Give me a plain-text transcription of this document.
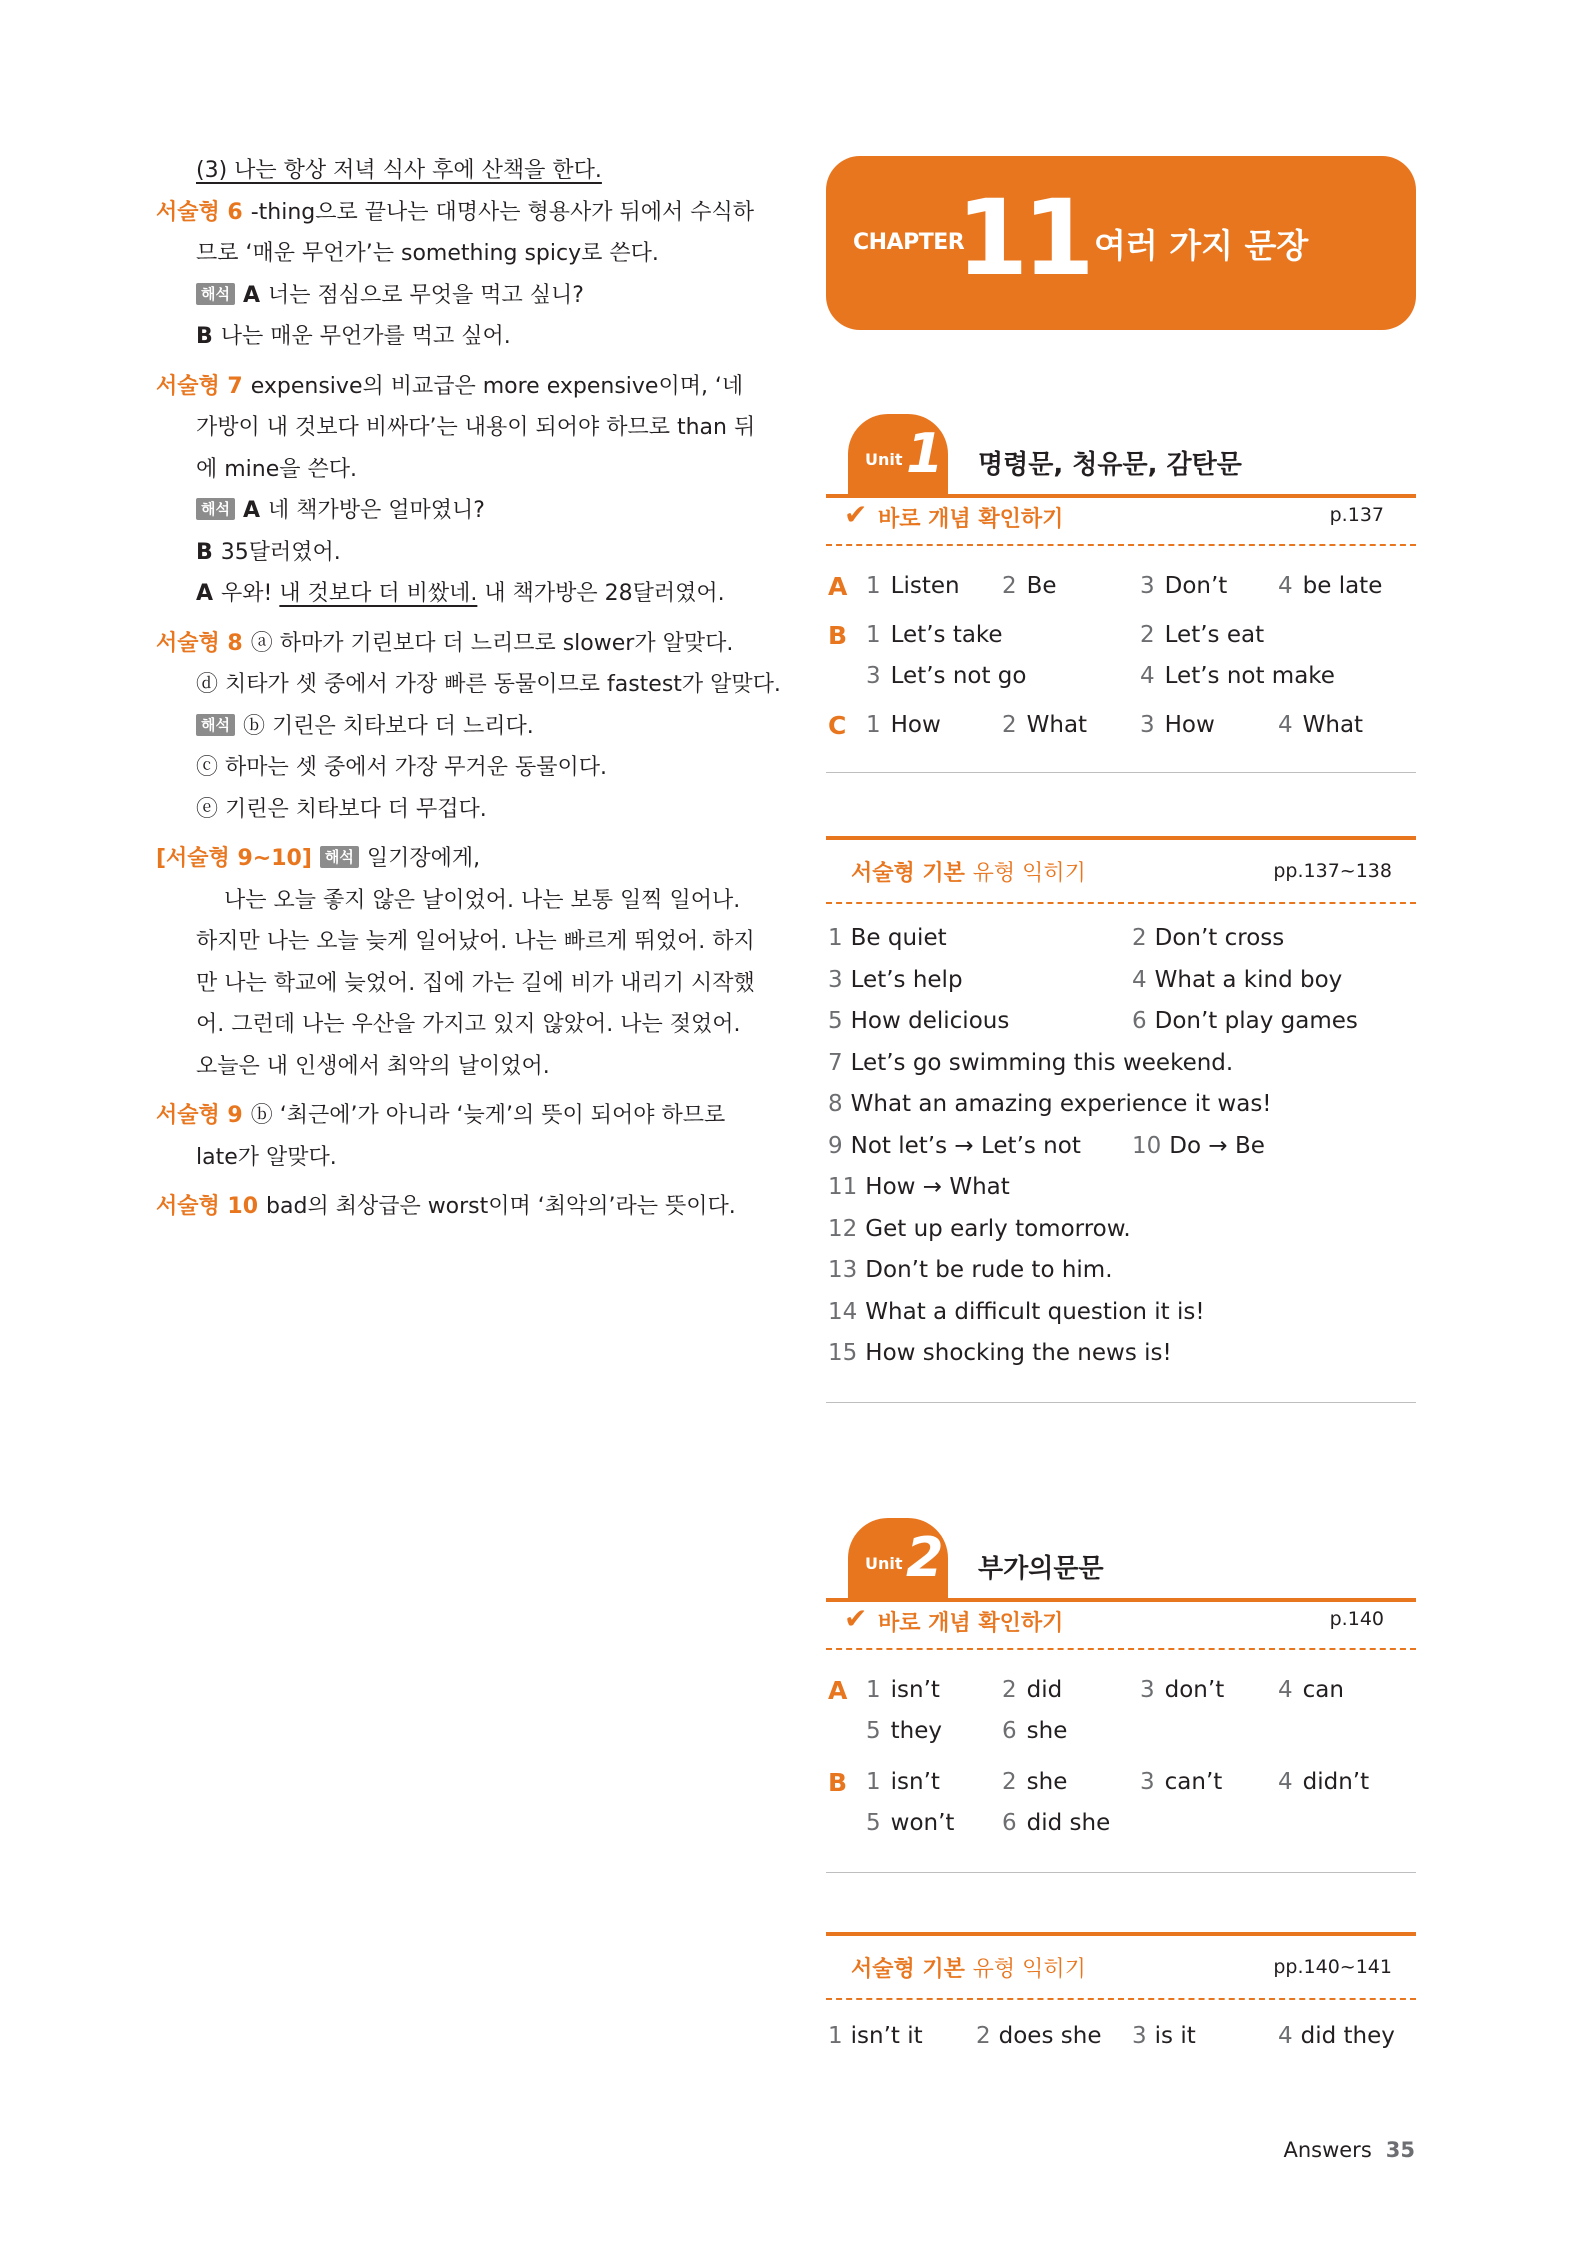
(3) 나는 항상 저녁 식사 후에 산책을 한다.
서술형 6 -thing으로 끝나는 대명사는 형용사가 뒤에서 수식하
므로 ‘매운 무언가’는 something spicy로 쓴다.
해석 A 너는 점심으로 무엇을 먹고 싶니?
B 나는 매운 무언가를 먹고 싶어.
서술형 7 expensive의 비교급은 more expensive이며, ‘네
가방이 내 것보다 비싸다’는 내용이 되어야 하므로 than 뒤
에 mine을 쓴다.
해석 A 네 책가방은 얼마였니?
B 35달러였어.
A 우와! 내 것보다 더 비쌌네. 내 책가방은 28달러였어.
서술형 8 ⓐ 하마가 기린보다 더 느리므로 slower가 알맞다.
ⓓ 치타가 셋 중에서 가장 빠른 동물이므로 fastest가 알맞다.
해석 ⓑ 기린은 치타보다 더 느리다.
ⓒ 하마는 셋 중에서 가장 무거운 동물이다.
ⓔ 기린은 치타보다 더 무겁다.
[서술형 9~10] 해석 일기장에게,
나는 오늘 좋지 않은 날이었어. 나는 보통 일찍 일어나.
하지만 나는 오늘 늦게 일어났어. 나는 빠르게 뛰었어. 하지
만 나는 학교에 늦었어. 집에 가는 길에 비가 내리기 시작했
어. 그런데 나는 우산을 가지고 있지 않았어. 나는 젖었어.
오늘은 내 인생에서 최악의 날이었어.
서술형 9 ⓑ ‘최근에’가 아니라 ‘늦게’의 뜻이 되어야 하므로
late가 알맞다.
서술형 10 bad의 최상급은 worst이며 ‘최악의’라는 뜻이다.
CHAPTER
11 여러 가지 문장
Unit 1 명령문, 청유문, 감탄문
✔ 바로 개념 확인하기	p.137
A 1 Listen 2 Be	3 Don’t 4 be late
B 1 Let’s take	2 Let’s eat
3 Let’s not go	4 Let’s not make
C 1 How	2 What 3 How	4 What
서술형 기본 유형 익히기	pp.137~138
1 Be quiet	2 Don’t cross
3 Let’s help	4 What a kind boy
5 How delicious	6 Don’t play games
7 Let’s go swimming this weekend.
8 What an amazing experience it was!
9 Not let’s → Let’s not 10 Do → Be
11 How → What
12 Get up early tomorrow.
13 Don’t be rude to him.
14 What a difficult question it is!
15 How shocking the news is!
Unit 2 부가의문문
✔ 바로 개념 확인하기	p.140
A 1 isn’t	2 did	3 don’t 4 can
5 they	6 she
B 1 isn’t	2 she	3 can’t 4 didn’t
5 won’t 6 did she
서술형 기본 유형 익히기	pp.140~141
1 isn’t it 2 does she 3 is it	4 did they
Answers 35
